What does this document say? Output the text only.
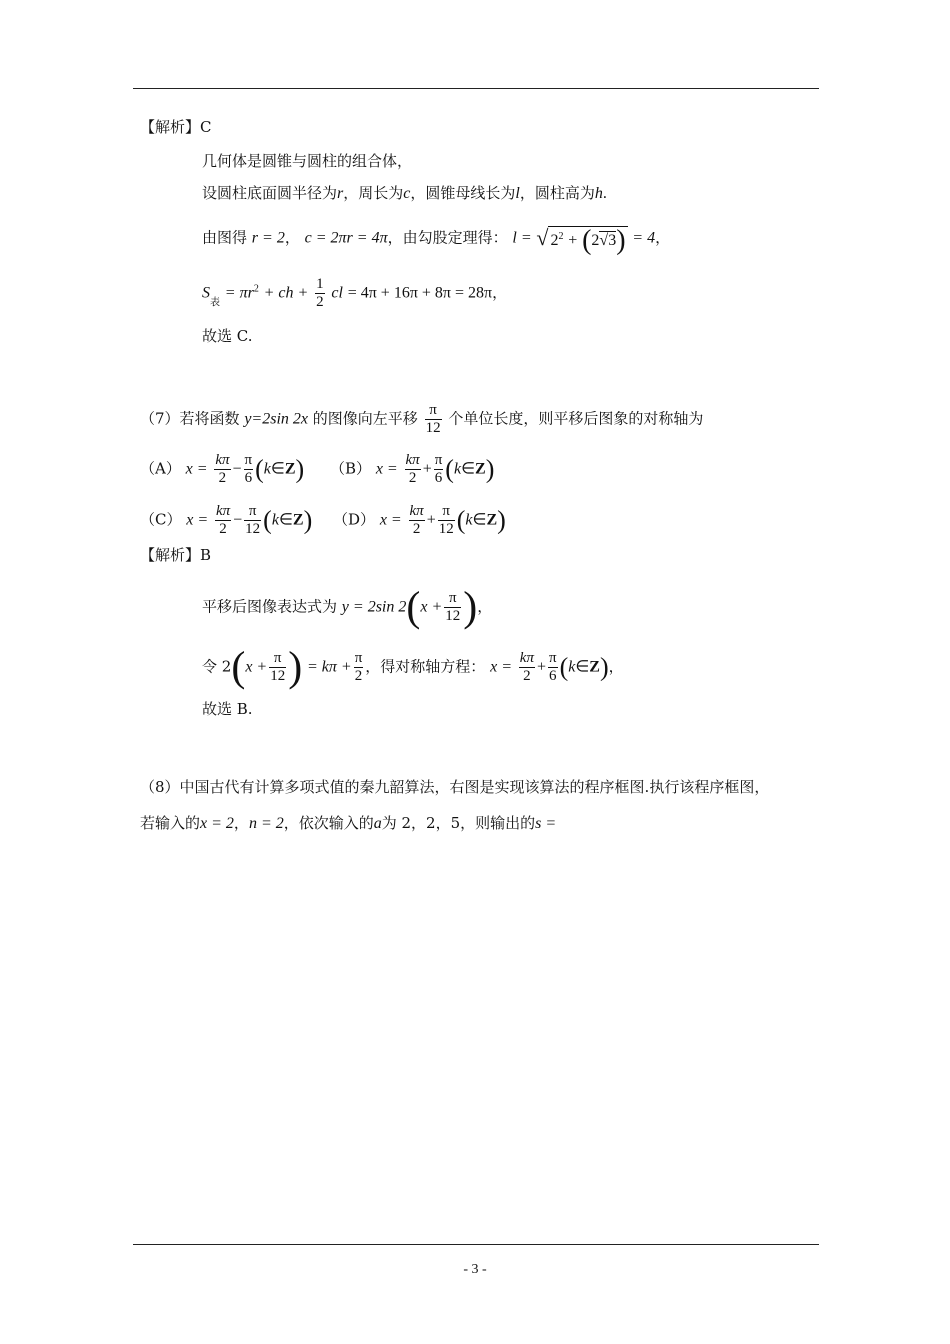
【解析】C
几何体是圆锥与圆柱的组合体，
设圆柱底面圆半径为r，周长为c，圆锥母线长为l，圆柱高为h.
由图得 r = 2， c = 2πr = 4π，由勾股定理得： l = √ $2^2 + (2√3) = 4$，
$S_表 = \pi r^2$ + ch + $\frac{1}{2}$ cl = 4π + 16π + 8π = 28π，
故选 C.
（7）若将函数 y=2sin 2x 的图像向左平移 $\frac{\pi}{12}$ 个单位长度，则平移后图象的对称轴为
（A） $x = \frac{k\pi}{2} - \frac{\pi}{6}$ (k∈Z) （B） $x = \frac{k\pi}{2} + \frac{\pi}{6}$ (k∈Z)
（C） $x = \frac{k\pi}{2} - \frac{\pi}{12}$ (k∈Z) （D） $x = \frac{k\pi}{2} + \frac{\pi}{12}$ (k∈Z)
【解析】B
平移后图像表达式为 y = 2sin $2(x + \frac{\pi}{12}$ )，
令 $2(x + \frac{\pi}{12}$ ) = $k\pi + \frac{\pi}{2}$ ，得对称轴方程： $x = \frac{k\pi}{2} + \frac{\pi}{6}$ (k∈Z)，
故选 B.
（8）中国古代有计算多项式值的秦九韶算法，右图是实现该算法的程序框图.执行该程序框图，
若输入的x = 2，n = 2，依次输入的a为 2，2，5，则输出的s =
- 3 -
